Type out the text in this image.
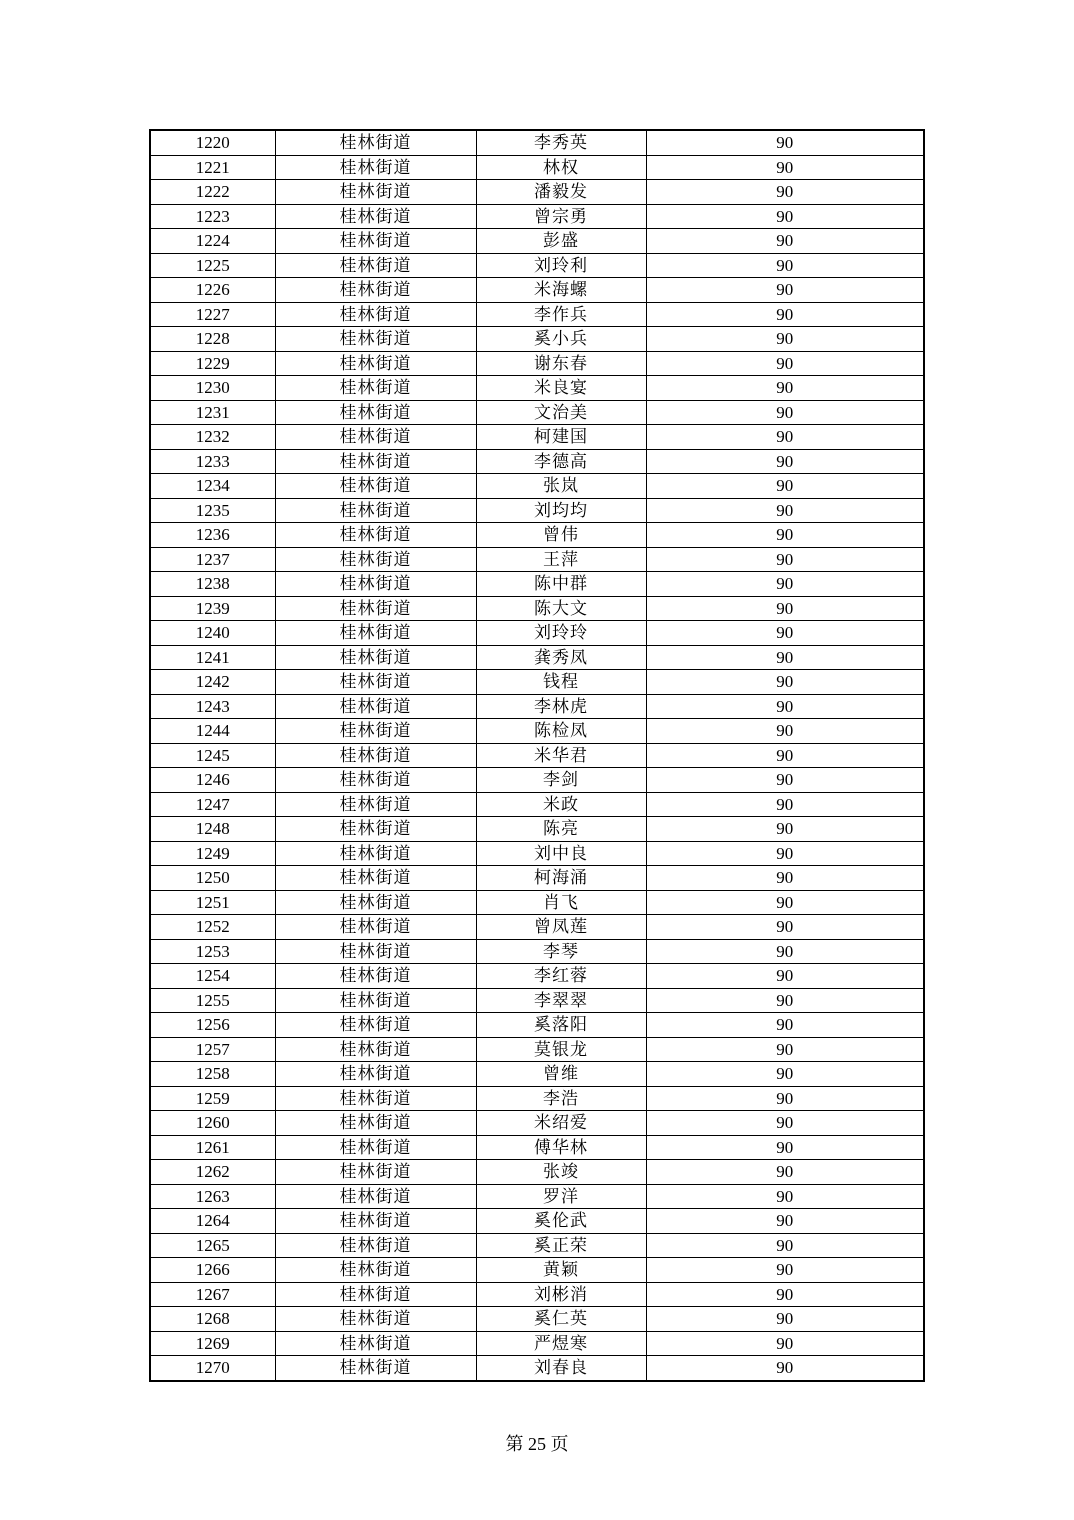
1220	桂林街道	李秀英	90
1221	桂林街道	林权	90
1222	桂林街道	潘毅发	90
1223	桂林街道	曾宗勇	90
1224	桂林街道	彭盛	90
1225	桂林街道	刘玲利	90
1226	桂林街道	米海螺	90
1227	桂林街道	李作兵	90
1228	桂林街道	奚小兵	90
1229	桂林街道	谢东春	90
1230	桂林街道	米良宴	90
1231	桂林街道	文治美	90
1232	桂林街道	柯建国	90
1233	桂林街道	李德高	90
1234	桂林街道	张岚	90
1235	桂林街道	刘均均	90
1236	桂林街道	曾伟	90
1237	桂林街道	王萍	90
1238	桂林街道	陈中群	90
1239	桂林街道	陈大文	90
1240	桂林街道	刘玲玲	90
1241	桂林街道	龚秀凤	90
1242	桂林街道	钱程	90
1243	桂林街道	李林虎	90
1244	桂林街道	陈检凤	90
1245	桂林街道	米华君	90
1246	桂林街道	李剑	90
1247	桂林街道	米政	90
1248	桂林街道	陈亮	90
1249	桂林街道	刘中良	90
1250	桂林街道	柯海涌	90
1251	桂林街道	肖飞	90
1252	桂林街道	曾凤莲	90
1253	桂林街道	李琴	90
1254	桂林街道	李红蓉	90
1255	桂林街道	李翠翠	90
1256	桂林街道	奚落阳	90
1257	桂林街道	莫银龙	90
1258	桂林街道	曾维	90
1259	桂林街道	李浩	90
1260	桂林街道	米绍爱	90
1261	桂林街道	傅华林	90
1262	桂林街道	张竣	90
1263	桂林街道	罗洋	90
1264	桂林街道	奚伦武	90
1265	桂林街道	奚正荣	90
1266	桂林街道	黄颖	90
1267	桂林街道	刘彬消	90
1268	桂林街道	奚仁英	90
1269	桂林街道	严煜寒	90
1270	桂林街道	刘春良	90
第 25 页
